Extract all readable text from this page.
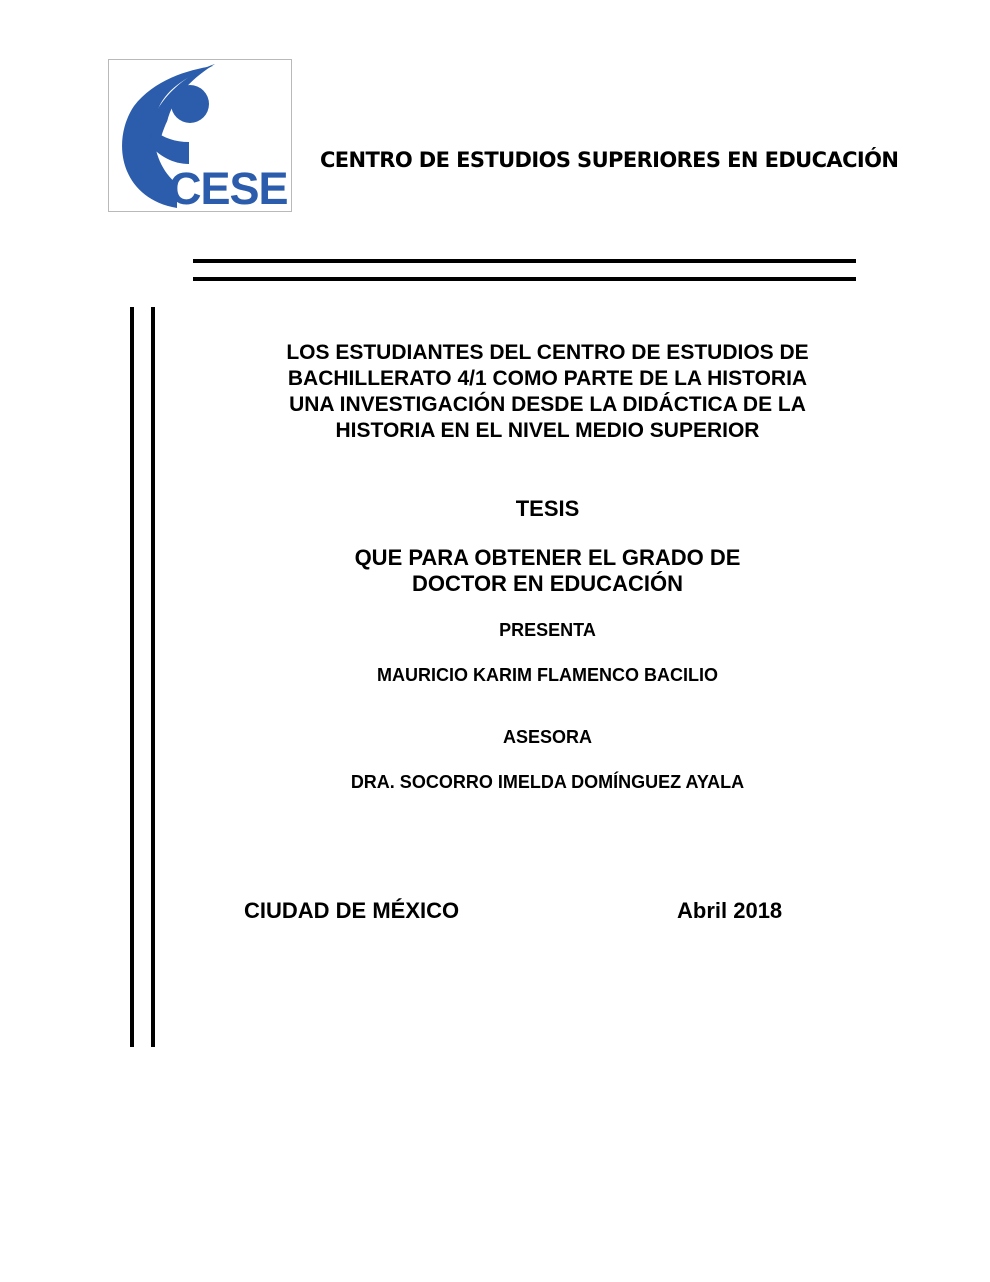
CESE
CENTRO DE ESTUDIOS SUPERIORES EN EDUCACIÓN
LOS ESTUDIANTES DEL CENTRO DE ESTUDIOS DE
BACHILLERATO 4/1 COMO PARTE DE LA HISTORIA
UNA INVESTIGACIÓN DESDE LA DIDÁCTICA DE LA
HISTORIA EN EL NIVEL MEDIO SUPERIOR
TESIS
QUE PARA OBTENER EL GRADO DE
DOCTOR EN EDUCACIÓN
PRESENTA
MAURICIO KARIM FLAMENCO BACILIO
ASESORA
DRA. SOCORRO IMELDA DOMÍNGUEZ AYALA
CIUDAD DE MÉXICO	Abril 2018
